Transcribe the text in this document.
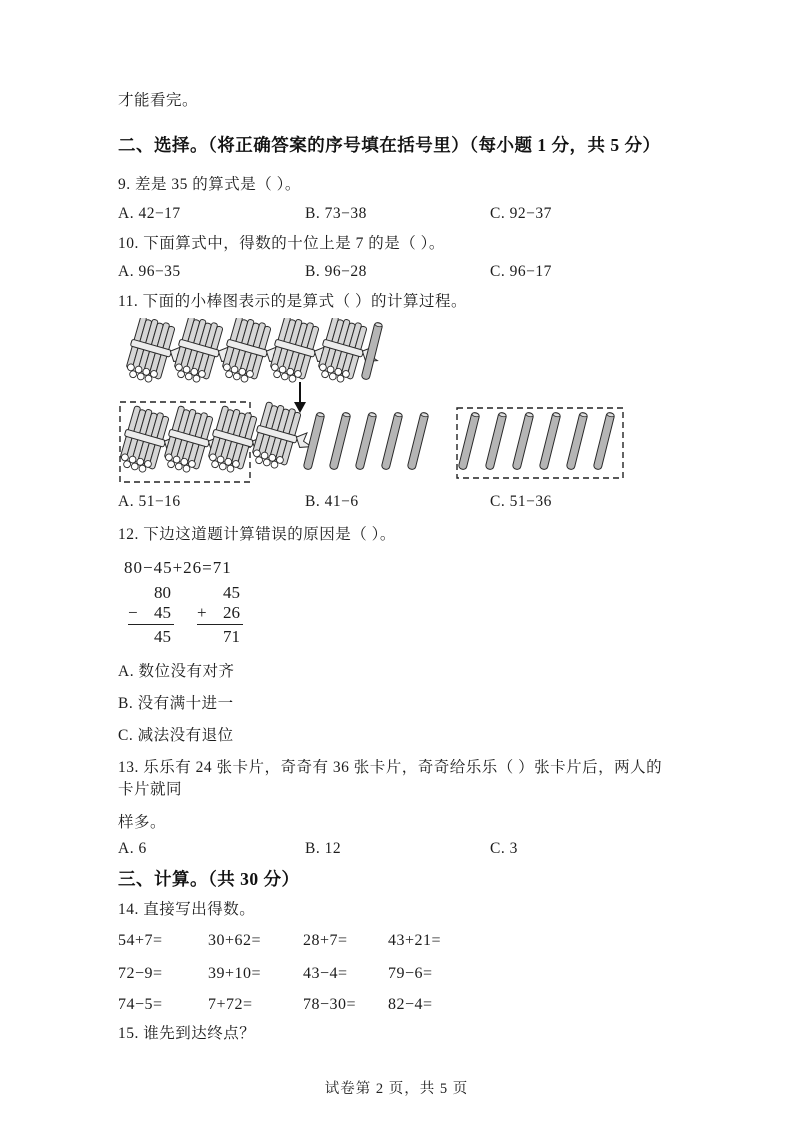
才能看完。

二、选择。（将正确答案的序号填在括号里）（每小题 1 分，共 5 分）

9. 差是 35 的算式是（ ）。

A. 42−17	B. 73−38	C. 92−37

10. 下面算式中，得数的十位上是 7 的是（ ）。

A. 96−35	B. 96−28	C. 96−17

11. 下面的小棒图表示的是算式（ ）的计算过程。

A. 51−16	B. 41−6	C. 51−36

12. 下边这道题计算错误的原因是（ ）。

80−45+26=71

80
− 45
45
45
+ 26
71

A. 数位没有对齐

B. 没有满十进一

C. 减法没有退位

13. 乐乐有 24 张卡片，奇奇有 36 张卡片，奇奇给乐乐（ ）张卡片后，两人的卡片就同

样多。

A. 6	B. 12	C. 3
三、计算。（共 30 分）

14. 直接写出得数。

54+7=	30+62=	28+7=	43+21=
72−9=	39+10=	43−4=	79−6=
74−5=	7+72=	78−30=	82−4=

15. 谁先到达终点？

试卷第 2 页，共 5 页
